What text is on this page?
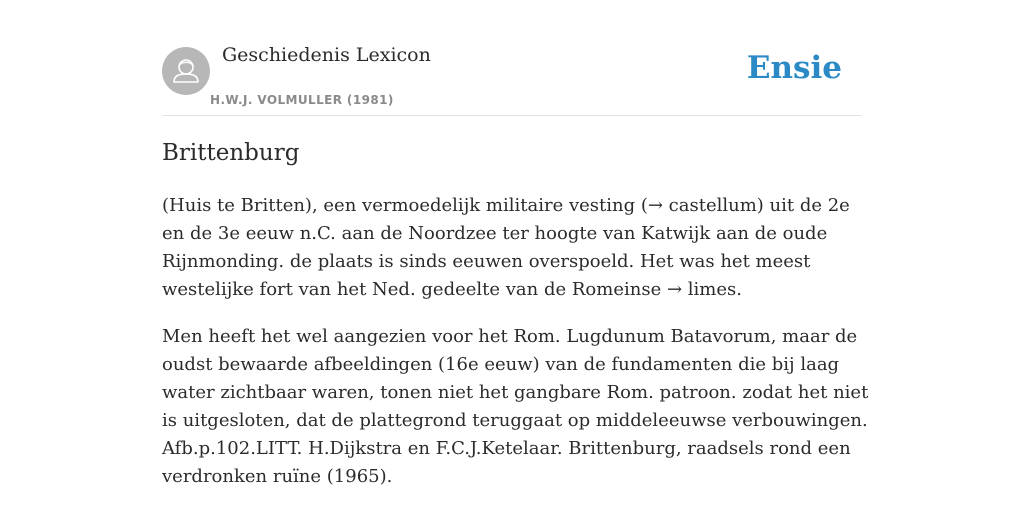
Geschiedenis Lexicon
H.W.J. VOLMULLER (1981)
Ensie
Brittenburg

(Huis te Britten), een vermoedelijk militaire vesting (→ castellum) uit de 2e en de 3e eeuw n.C. aan de Noordzee ter hoogte van Katwijk aan de oude Rijnmonding. de plaats is sinds eeuwen overspoeld. Het was het meest westelijke fort van het Ned. gedeelte van de Romeinse → limes.

Men heeft het wel aangezien voor het Rom. Lugdunum Batavorum, maar de oudst bewaarde afbeeldingen (16e eeuw) van de fundamenten die bij laag water zichtbaar waren, tonen niet het gangbare Rom. patroon. zodat het niet is uitgesloten, dat de plattegrond teruggaat op middeleeuwse verbouwingen. Afb.p.102.LITT. H.Dijkstra en F.C.J.Ketelaar. Brittenburg, raadsels rond een verdronken ruïne (1965).
